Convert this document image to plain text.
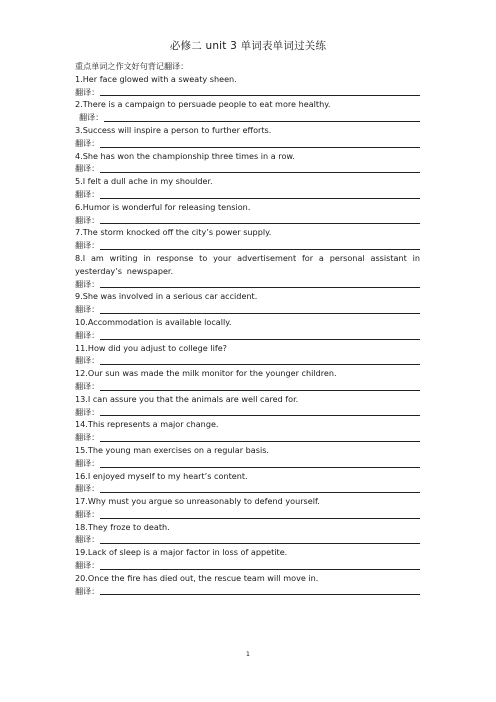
必修二 unit 3 单词表单词过关练
重点单词之作文好句背记翻译：
1.Her face glowed with a sweaty sheen.
翻译：
2.There is a campaign to persuade people to eat more healthy.
翻译：
3.Success will inspire a person to further efforts.
翻译：
4.She has won the championship three times in a row.
翻译：
5.I felt a dull ache in my shoulder.
翻译：
6.Humor is wonderful for releasing tension.
翻译：
7.The storm knocked off the city’s power supply.
翻译：
8.I am writing in response to your advertisement for a personal assistant in yesterday’s newspaper.
翻译：
9.She was involved in a serious car accident.
翻译：
10.Accommodation is available locally.
翻译：
11.How did you adjust to college life?
翻译：
12.Our sun was made the milk monitor for the younger children.
翻译：
13.I can assure you that the animals are well cared for.
翻译：
14.This represents a major change.
翻译：
15.The young man exercises on a regular basis.
翻译：
16.I enjoyed myself to my heart’s content.
翻译：
17.Why must you argue so unreasonably to defend yourself.
翻译：
18.They froze to death.
翻译：
19.Lack of sleep is a major factor in loss of appetite.
翻译：
20.Once the fire has died out, the rescue team will move in.
翻译：
1
